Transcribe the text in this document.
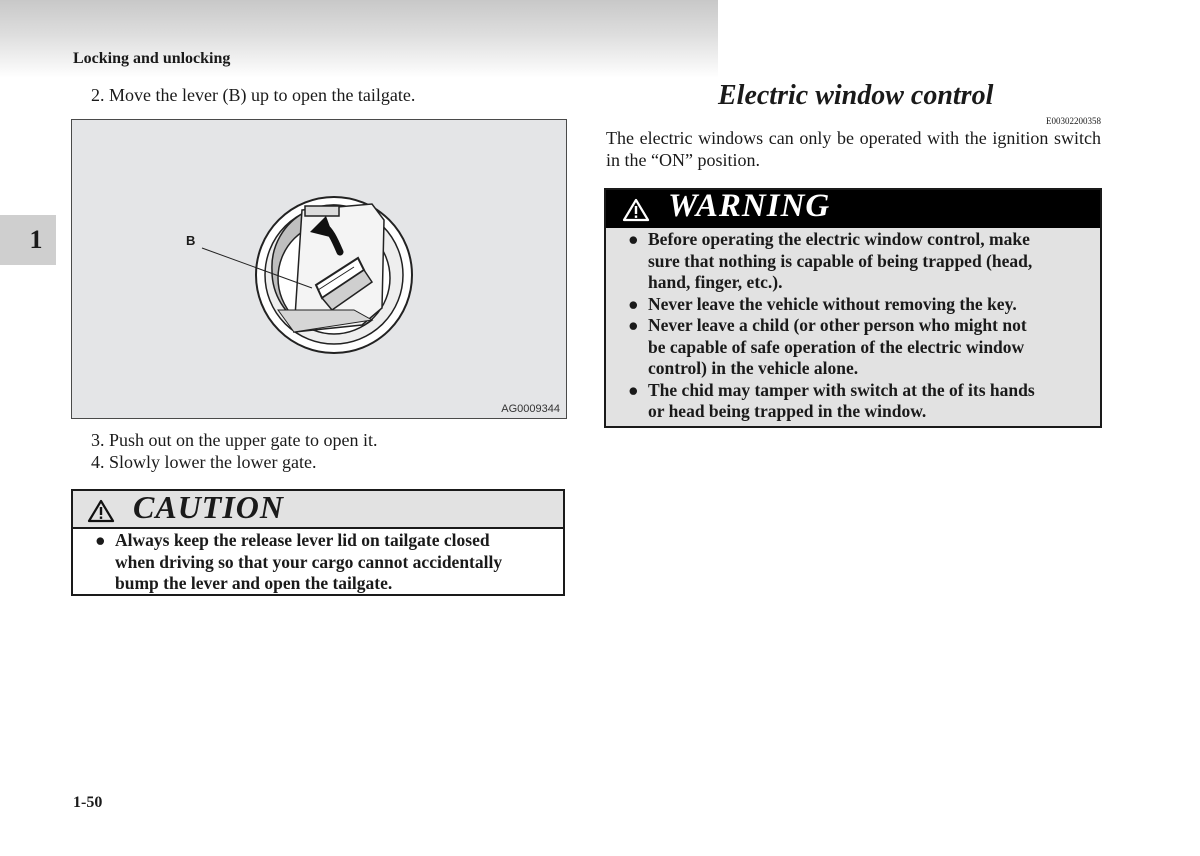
Locking and unlocking
1
2. Move the lever (B) up to open the tailgate.
B
AG0009344
3. Push out on the upper gate to open it.
4. Slowly lower the lower gate.
CAUTION
● Always keep the release lever lid on tailgate closed
when driving so that your cargo cannot accidentally
bump the lever and open the tailgate.
Electric window control
E00302200358
The electric windows can only be operated with the ignition switch in the “ON” position.
WARNING
● Before operating the electric window control, make
sure that nothing is capable of being trapped (head,
hand, finger, etc.).
● Never leave the vehicle without removing the key.
● Never leave a child (or other person who might not
be capable of safe operation of the electric window
control) in the vehicle alone.
● The chid may tamper with switch at the of its hands
or head being trapped in the window.
1-50
